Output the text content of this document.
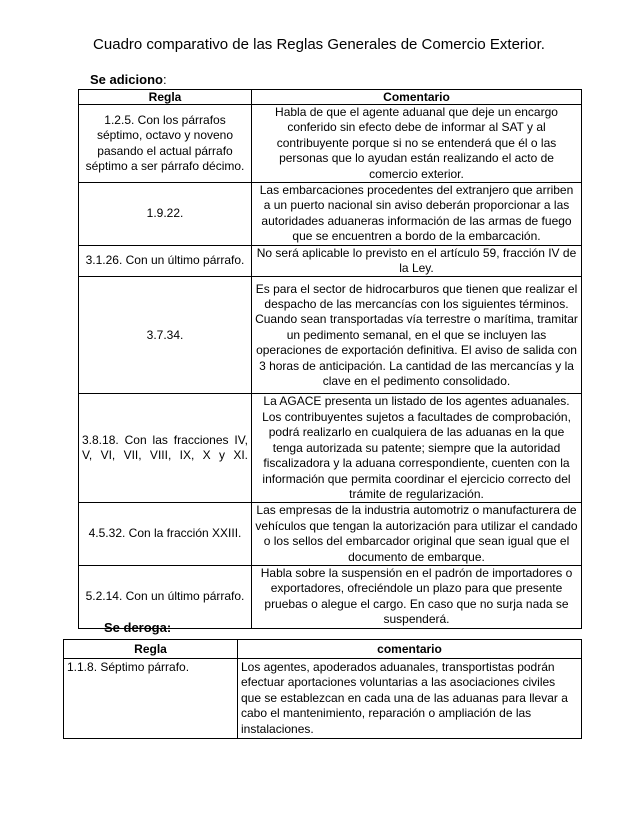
Cuadro comparativo de las Reglas Generales de Comercio Exterior.
Se adiciono:
Regla	Comentario
1.2.5. Con los párrafos séptimo, octavo y noveno pasando el actual párrafo séptimo a ser párrafo décimo.	Habla de que el agente aduanal que deje un encargo conferido sin efecto debe de informar al SAT y al contribuyente porque si no se entenderá que él o las personas que lo ayudan están realizando el acto de comercio exterior.
1.9.22.	Las embarcaciones procedentes del extranjero que arriben a un puerto nacional sin aviso deberán proporcionar a las autoridades aduaneras información de las armas de fuego que se encuentren a bordo de la embarcación.
3.1.26. Con un último párrafo.	No será aplicable lo previsto en el artículo 59, fracción IV de la Ley.
3.7.34.	Es para el sector de hidrocarburos que tienen que realizar el despacho de las mercancías con los siguientes términos. Cuando sean transportadas vía terrestre o marítima, tramitar un pedimento semanal, en el que se incluyen las operaciones de exportación definitiva. El aviso de salida con 3 horas de anticipación. La cantidad de las mercancías y la clave en el pedimento consolidado.
3.8.18. Con las fracciones IV, V, VI, VII, VIII, IX, X y XI.	La AGACE presenta un listado de los agentes aduanales. Los contribuyentes sujetos a facultades de comprobación, podrá realizarlo en cualquiera de las aduanas en la que tenga autorizada su patente; siempre que la autoridad fiscalizadora y la aduana correspondiente, cuenten con la información que permita coordinar el ejercicio correcto del trámite de regularización.
4.5.32. Con la fracción XXIII.	Las empresas de la industria automotriz o manufacturera de vehículos que tengan la autorización para utilizar el candado o los sellos del embarcador original que sean igual que el documento de embarque.
5.2.14. Con un último párrafo.	Habla sobre la suspensión en el padrón de importadores o exportadores, ofreciéndole un plazo para que presente pruebas o alegue el cargo. En caso que no surja nada se suspenderá.
Se deroga:
Regla	comentario
1.1.8. Séptimo párrafo.	Los agentes, apoderados aduanales, transportistas podrán efectuar aportaciones voluntarias a las asociaciones civiles que se establezcan en cada una de las aduanas para llevar a cabo el mantenimiento, reparación o ampliación de las instalaciones.
